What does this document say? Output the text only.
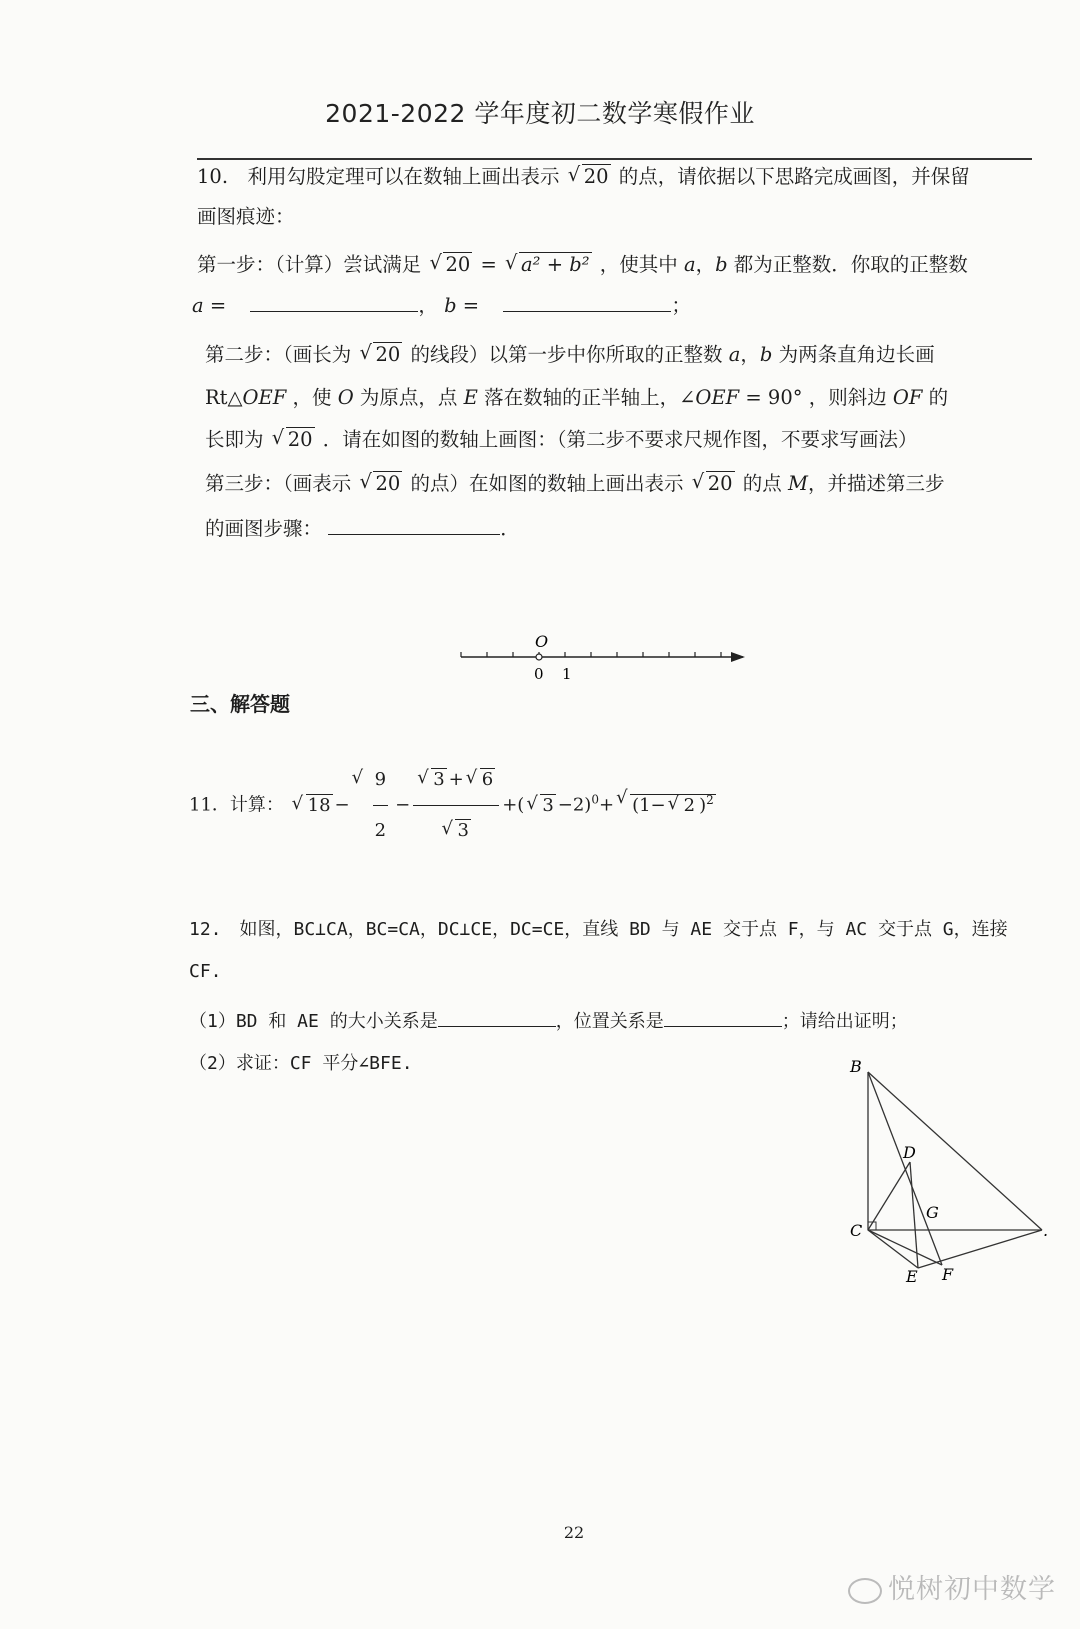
2021-2022 学年度初二数学寒假作业
10.　利用勾股定理可以在数轴上画出表示 √ 20 的点，请依据以下思路完成画图，并保留
画图痕迹：
第一步：（计算）尝试满足 √ 20 = √ a² + b² ，使其中 a，b 都为正整数．你取的正整数
a =	， b =	；
第二步：（画长为 √ 20 的线段）以第一步中你所取的正整数 a，b 为两条直角边长画
Rt△OEF ，使 O 为原点，点 E 落在数轴的正半轴上，∠OEF = 90° ，则斜边 OF 的
长即为 √ 20 ．请在如图的数轴上画图：（第二步不要求尺规作图，不要求写画法）
第三步：（画表示 √ 20 的点）在如图的数轴上画出表示 √ 20 的点 M，并描述第三步
的画图步骤：	．
O
0 1
三、解答题
11．计算： √ 18 − √ $\frac{9}{2}$ − √ 3 + √ 6
√ 3 +( √ 3 −2)$^0$+ √ (1− √ 2 )$^2$
12.　如图，BC⊥CA，BC=CA，DC⊥CE，DC=CE，直线 BD 与 AE 交于点 F，与 AC 交于点 G，连接
CF.
（1）BD 和 AE 的大小关系是	，位置关系是	；请给出证明；
（2）求证：CF 平分∠BFE.	B
D
G
C
E F
.
22
悦树初中数学
